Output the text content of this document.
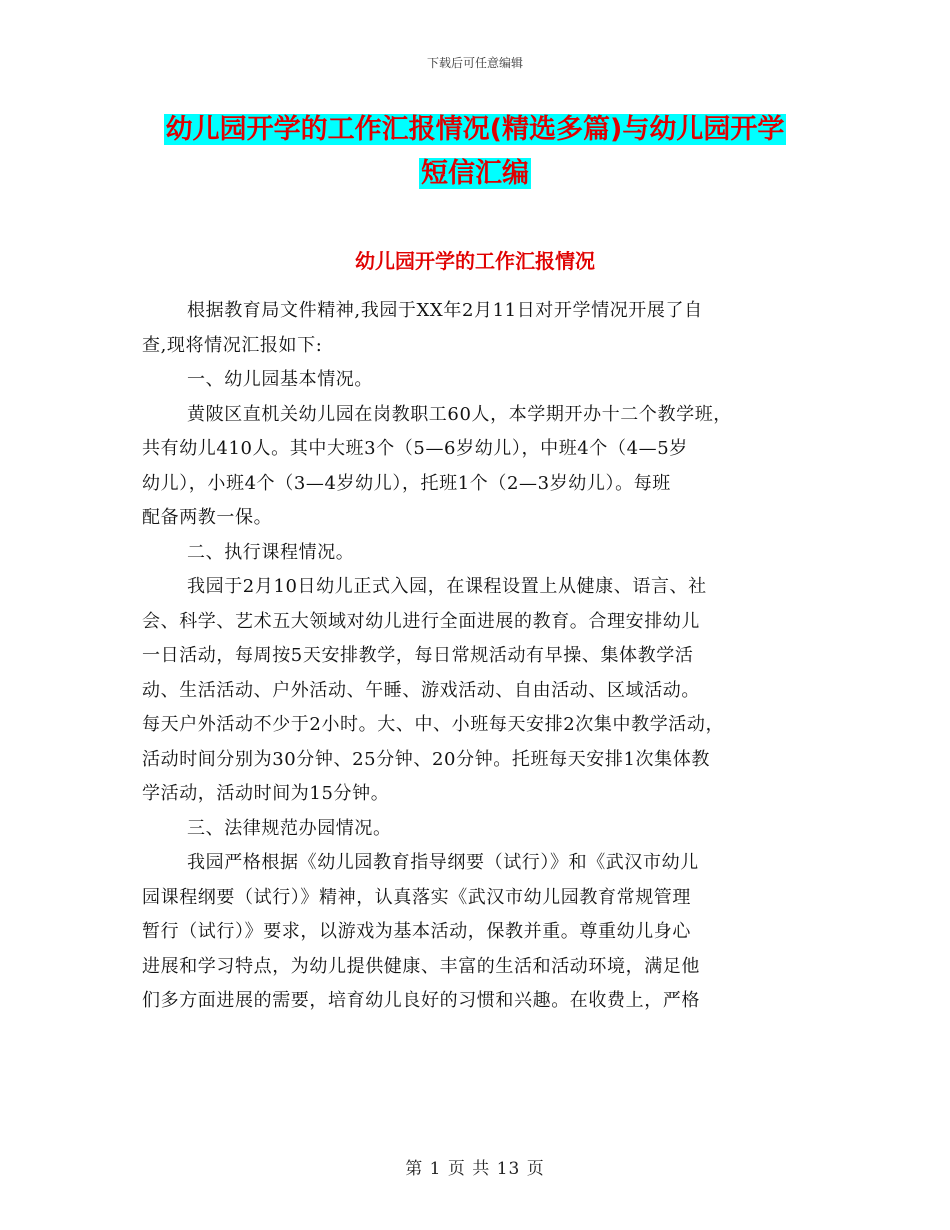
下载后可任意编辑
幼儿园开学的工作汇报情况(精选多篇)与幼儿园开学
短信汇编
幼儿园开学的工作汇报情况
根据教育局文件精神,我园于XX年2月11日对开学情况开展了自
查,现将情况汇报如下:
一、幼儿园基本情况。
黄陂区直机关幼儿园在岗教职工60人，本学期开办十二个教学班，
共有幼儿410人。其中大班3个（5—6岁幼儿），中班4个（4—5岁
幼儿），小班4个（3—4岁幼儿），托班1个（2—3岁幼儿）。每班
配备两教一保。
二、执行课程情况。
我园于2月10日幼儿正式入园，在课程设置上从健康、语言、社
会、科学、艺术五大领域对幼儿进行全面进展的教育。合理安排幼儿
一日活动，每周按5天安排教学，每日常规活动有早操、集体教学活
动、生活活动、户外活动、午睡、游戏活动、自由活动、区域活动。
每天户外活动不少于2小时。大、中、小班每天安排2次集中教学活动，
活动时间分别为30分钟、25分钟、20分钟。托班每天安排1次集体教
学活动，活动时间为15分钟。
三、法律规范办园情况。
我园严格根据《幼儿园教育指导纲要（试行）》和《武汉市幼儿
园课程纲要（试行）》精神，认真落实《武汉市幼儿园教育常规管理
暂行（试行）》要求，以游戏为基本活动，保教并重。尊重幼儿身心
进展和学习特点，为幼儿提供健康、丰富的生活和活动环境，满足他
们多方面进展的需要，培育幼儿良好的习惯和兴趣。在收费上，严格
第 1 页 共 13 页
